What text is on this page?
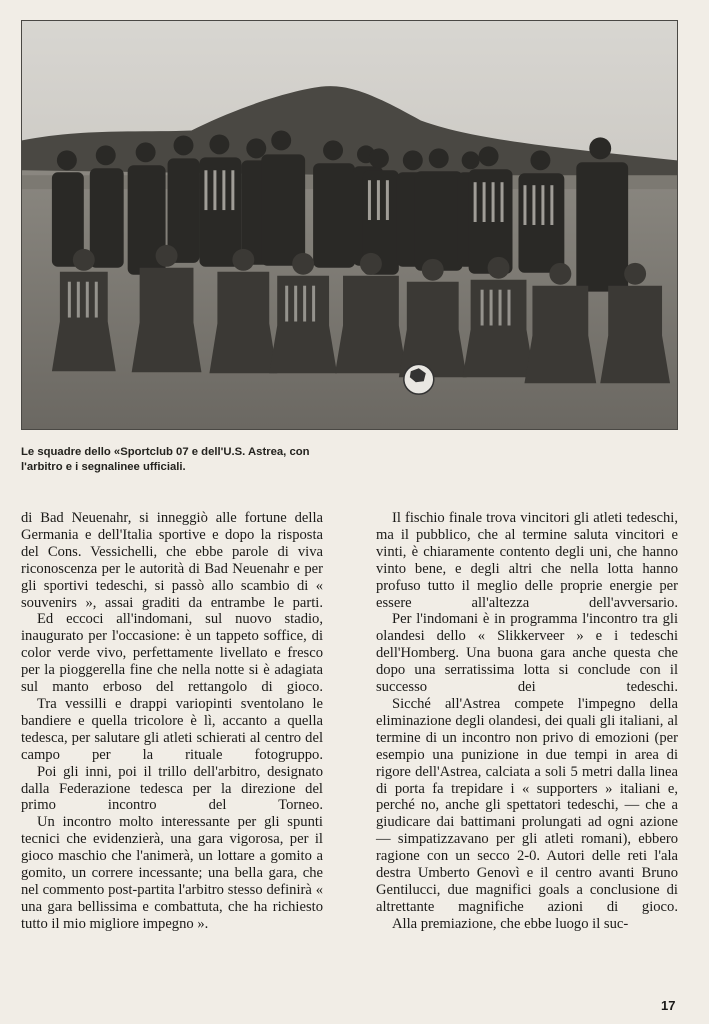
Le squadre dello «Sportclub 07 e dell'U.S. Astrea, con
l'arbitro e i segnalinee ufficiali.

di Bad Neuenahr, si inneggiò alle fortune della Germania e dell'Italia sportive e dopo la risposta del Cons. Vessichelli, che ebbe parole di viva riconoscenza per le autorità di Bad Neuenahr e per gli sportivi tedeschi, si passò allo scambio di « souvenirs », assai graditi da entrambe le parti.

Ed eccoci all'indomani, sul nuovo stadio, inaugurato per l'occasione: è un tappeto soffice, di color verde vivo, perfettamente livellato e fresco per la pioggerella fine che nella notte si è adagiata sul manto erboso del rettangolo di gioco.

Tra vessilli e drappi variopinti sventolano le bandiere e quella tricolore è lì, accanto a quella tedesca, per salutare gli atleti schierati al centro del campo per la rituale fotogruppo.

Poi gli inni, poi il trillo dell'arbitro, designato dalla Federazione tedesca per la direzione del primo incontro del Torneo.

Un incontro molto interessante per gli spunti tecnici che evidenzierà, una gara vigorosa, per il gioco maschio che l'animerà, un lottare a gomito a gomito, un correre incessante; una bella gara, che nel commento post-partita l'arbitro stesso definirà « una gara bellissima e combattuta, che ha richiesto tutto il mio migliore impegno ».

Il fischio finale trova vincitori gli atleti tedeschi, ma il pubblico, che al termine saluta vincitori e vinti, è chiaramente contento degli uni, che hanno vinto bene, e degli altri che nella lotta hanno profuso tutto il meglio delle proprie energie per essere all'altezza dell'avversario.

Per l'indomani è in programma l'incontro tra gli olandesi dello « Slikkerveer » e i tedeschi dell'Homberg. Una buona gara anche questa che dopo una serratissima lotta si conclude con il successo dei tedeschi.

Sicché all'Astrea compete l'impegno della eliminazione degli olandesi, dei quali gli italiani, al termine di un incontro non privo di emozioni (per esempio una punizione in due tempi in area di rigore dell'Astrea, calciata a soli 5 metri dalla linea di porta fa trepidare i « supporters » italiani e, perché no, anche gli spettatori tedeschi, — che a giudicare dai battimani prolungati ad ogni azione — simpatizzavano per gli atleti romani), ebbero ragione con un secco 2-0. Autori delle reti l'ala destra Umberto Genovì e il centro avanti Bruno Gentilucci, due magnifici goals a conclusione di altrettante magnifiche azioni di gioco.

Alla premiazione, che ebbe luogo il suc-

17
